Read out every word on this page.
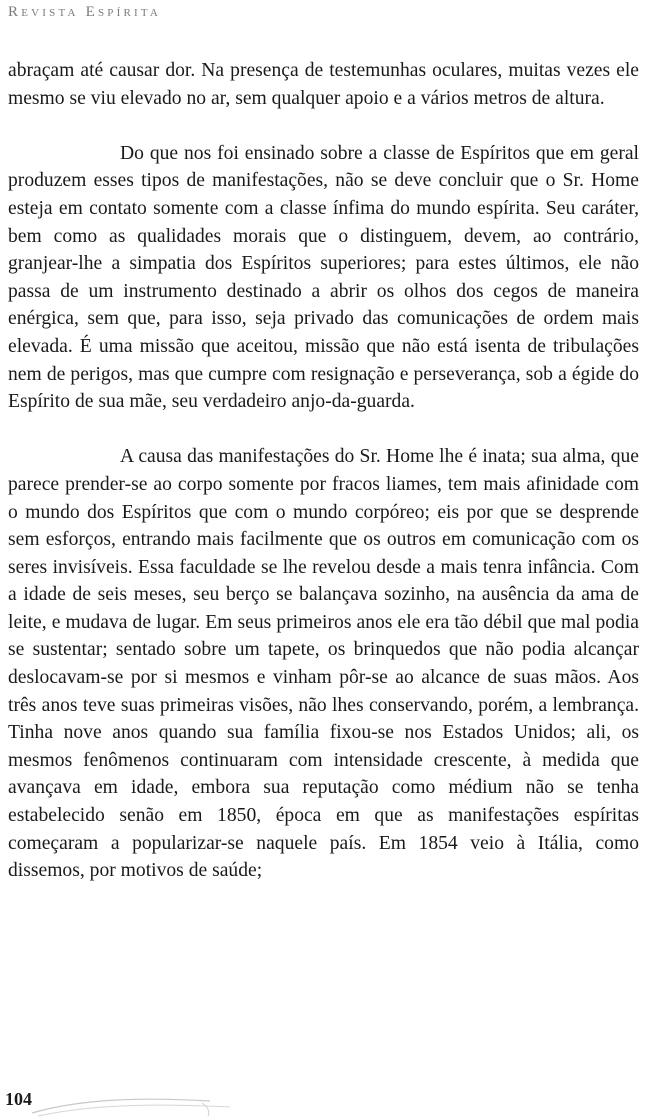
Revista Espírita

abraçam até causar dor. Na presença de testemunhas oculares, muitas vezes ele mesmo se viu elevado no ar, sem qualquer apoio e a vários metros de altura.

Do que nos foi ensinado sobre a classe de Espíritos que em geral produzem esses tipos de manifestações, não se deve concluir que o Sr. Home esteja em contato somente com a classe ínfima do mundo espírita. Seu caráter, bem como as qualidades morais que o distinguem, devem, ao contrário, granjear-lhe a simpatia dos Espíritos superiores; para estes últimos, ele não passa de um instrumento destinado a abrir os olhos dos cegos de maneira enérgica, sem que, para isso, seja privado das comunicações de ordem mais elevada. É uma missão que aceitou, missão que não está isenta de tribulações nem de perigos, mas que cumpre com resignação e perseverança, sob a égide do Espírito de sua mãe, seu verdadeiro anjo-da-guarda.

A causa das manifestações do Sr. Home lhe é inata; sua alma, que parece prender-se ao corpo somente por fracos liames, tem mais afinidade com o mundo dos Espíritos que com o mundo corpóreo; eis por que se desprende sem esforços, entrando mais facilmente que os outros em comunicação com os seres invisíveis. Essa faculdade se lhe revelou desde a mais tenra infância. Com a idade de seis meses, seu berço se balançava sozinho, na ausência da ama de leite, e mudava de lugar. Em seus primeiros anos ele era tão débil que mal podia se sustentar; sentado sobre um tapete, os brinquedos que não podia alcançar deslocavam-se por si mesmos e vinham pôr-se ao alcance de suas mãos. Aos três anos teve suas primeiras visões, não lhes conservando, porém, a lembrança. Tinha nove anos quando sua família fixou-se nos Estados Unidos; ali, os mesmos fenômenos continuaram com intensidade crescente, à medida que avançava em idade, embora sua reputação como médium não se tenha estabelecido senão em 1850, época em que as manifestações espíritas começaram a popularizar-se naquele país. Em 1854 veio à Itália, como dissemos, por motivos de saúde;

104
